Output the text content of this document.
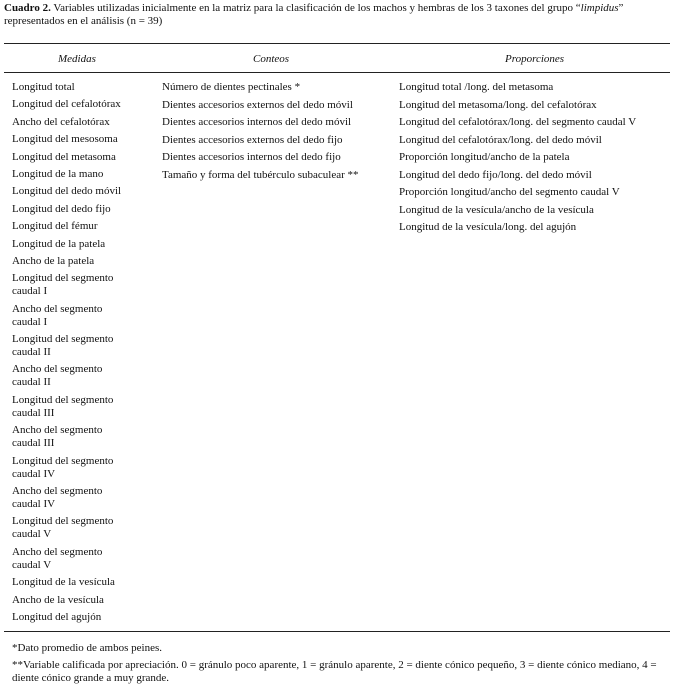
Cuadro 2. Variables utilizadas inicialmente en la matriz para la clasificación de los machos y hembras de los 3 taxones del grupo “limpidus” representados en el análisis (n = 39)
Medidas	Conteos	Proporciones
Longitud total
Longitud del cefalotórax
Ancho del cefalotórax
Longitud del mesosoma
Longitud del metasoma
Longitud de la mano
Longitud del dedo móvil
Longitud del dedo fijo
Longitud del fémur
Longitud de la patela
Ancho de la patela
Longitud del segmento caudal I
Ancho del segmento caudal I
Longitud del segmento caudal II
Ancho del segmento caudal II
Longitud del segmento caudal III
Ancho del segmento caudal III
Longitud del segmento caudal IV
Ancho del segmento caudal IV
Longitud del segmento caudal V
Ancho del segmento caudal V
Longitud de la vesícula
Ancho de la vesícula
Longitud del agujón
Número de dientes pectinales *
Dientes accesorios externos del dedo móvil
Dientes accesorios internos del dedo móvil
Dientes accesorios externos del dedo fijo
Dientes accesorios internos del dedo fijo
Tamaño y forma del tubérculo subaculear **
Longitud total /long. del metasoma
Longitud del metasoma/long. del cefalotórax
Longitud del cefalotórax/long. del segmento caudal V
Longitud del cefalotórax/long. del dedo móvil
Proporción longitud/ancho de la patela
Longitud del dedo fijo/long. del dedo móvil
Proporción longitud/ancho del segmento caudal V
Longitud de la vesícula/ancho de la vesícula
Longitud de la vesícula/long. del agujón
*Dato promedio de ambos peines.
**Variable calificada por apreciación. 0 = gránulo poco aparente, 1 = gránulo aparente, 2 = diente cónico pequeño, 3 = diente cónico mediano, 4 = diente cónico grande a muy grande.
